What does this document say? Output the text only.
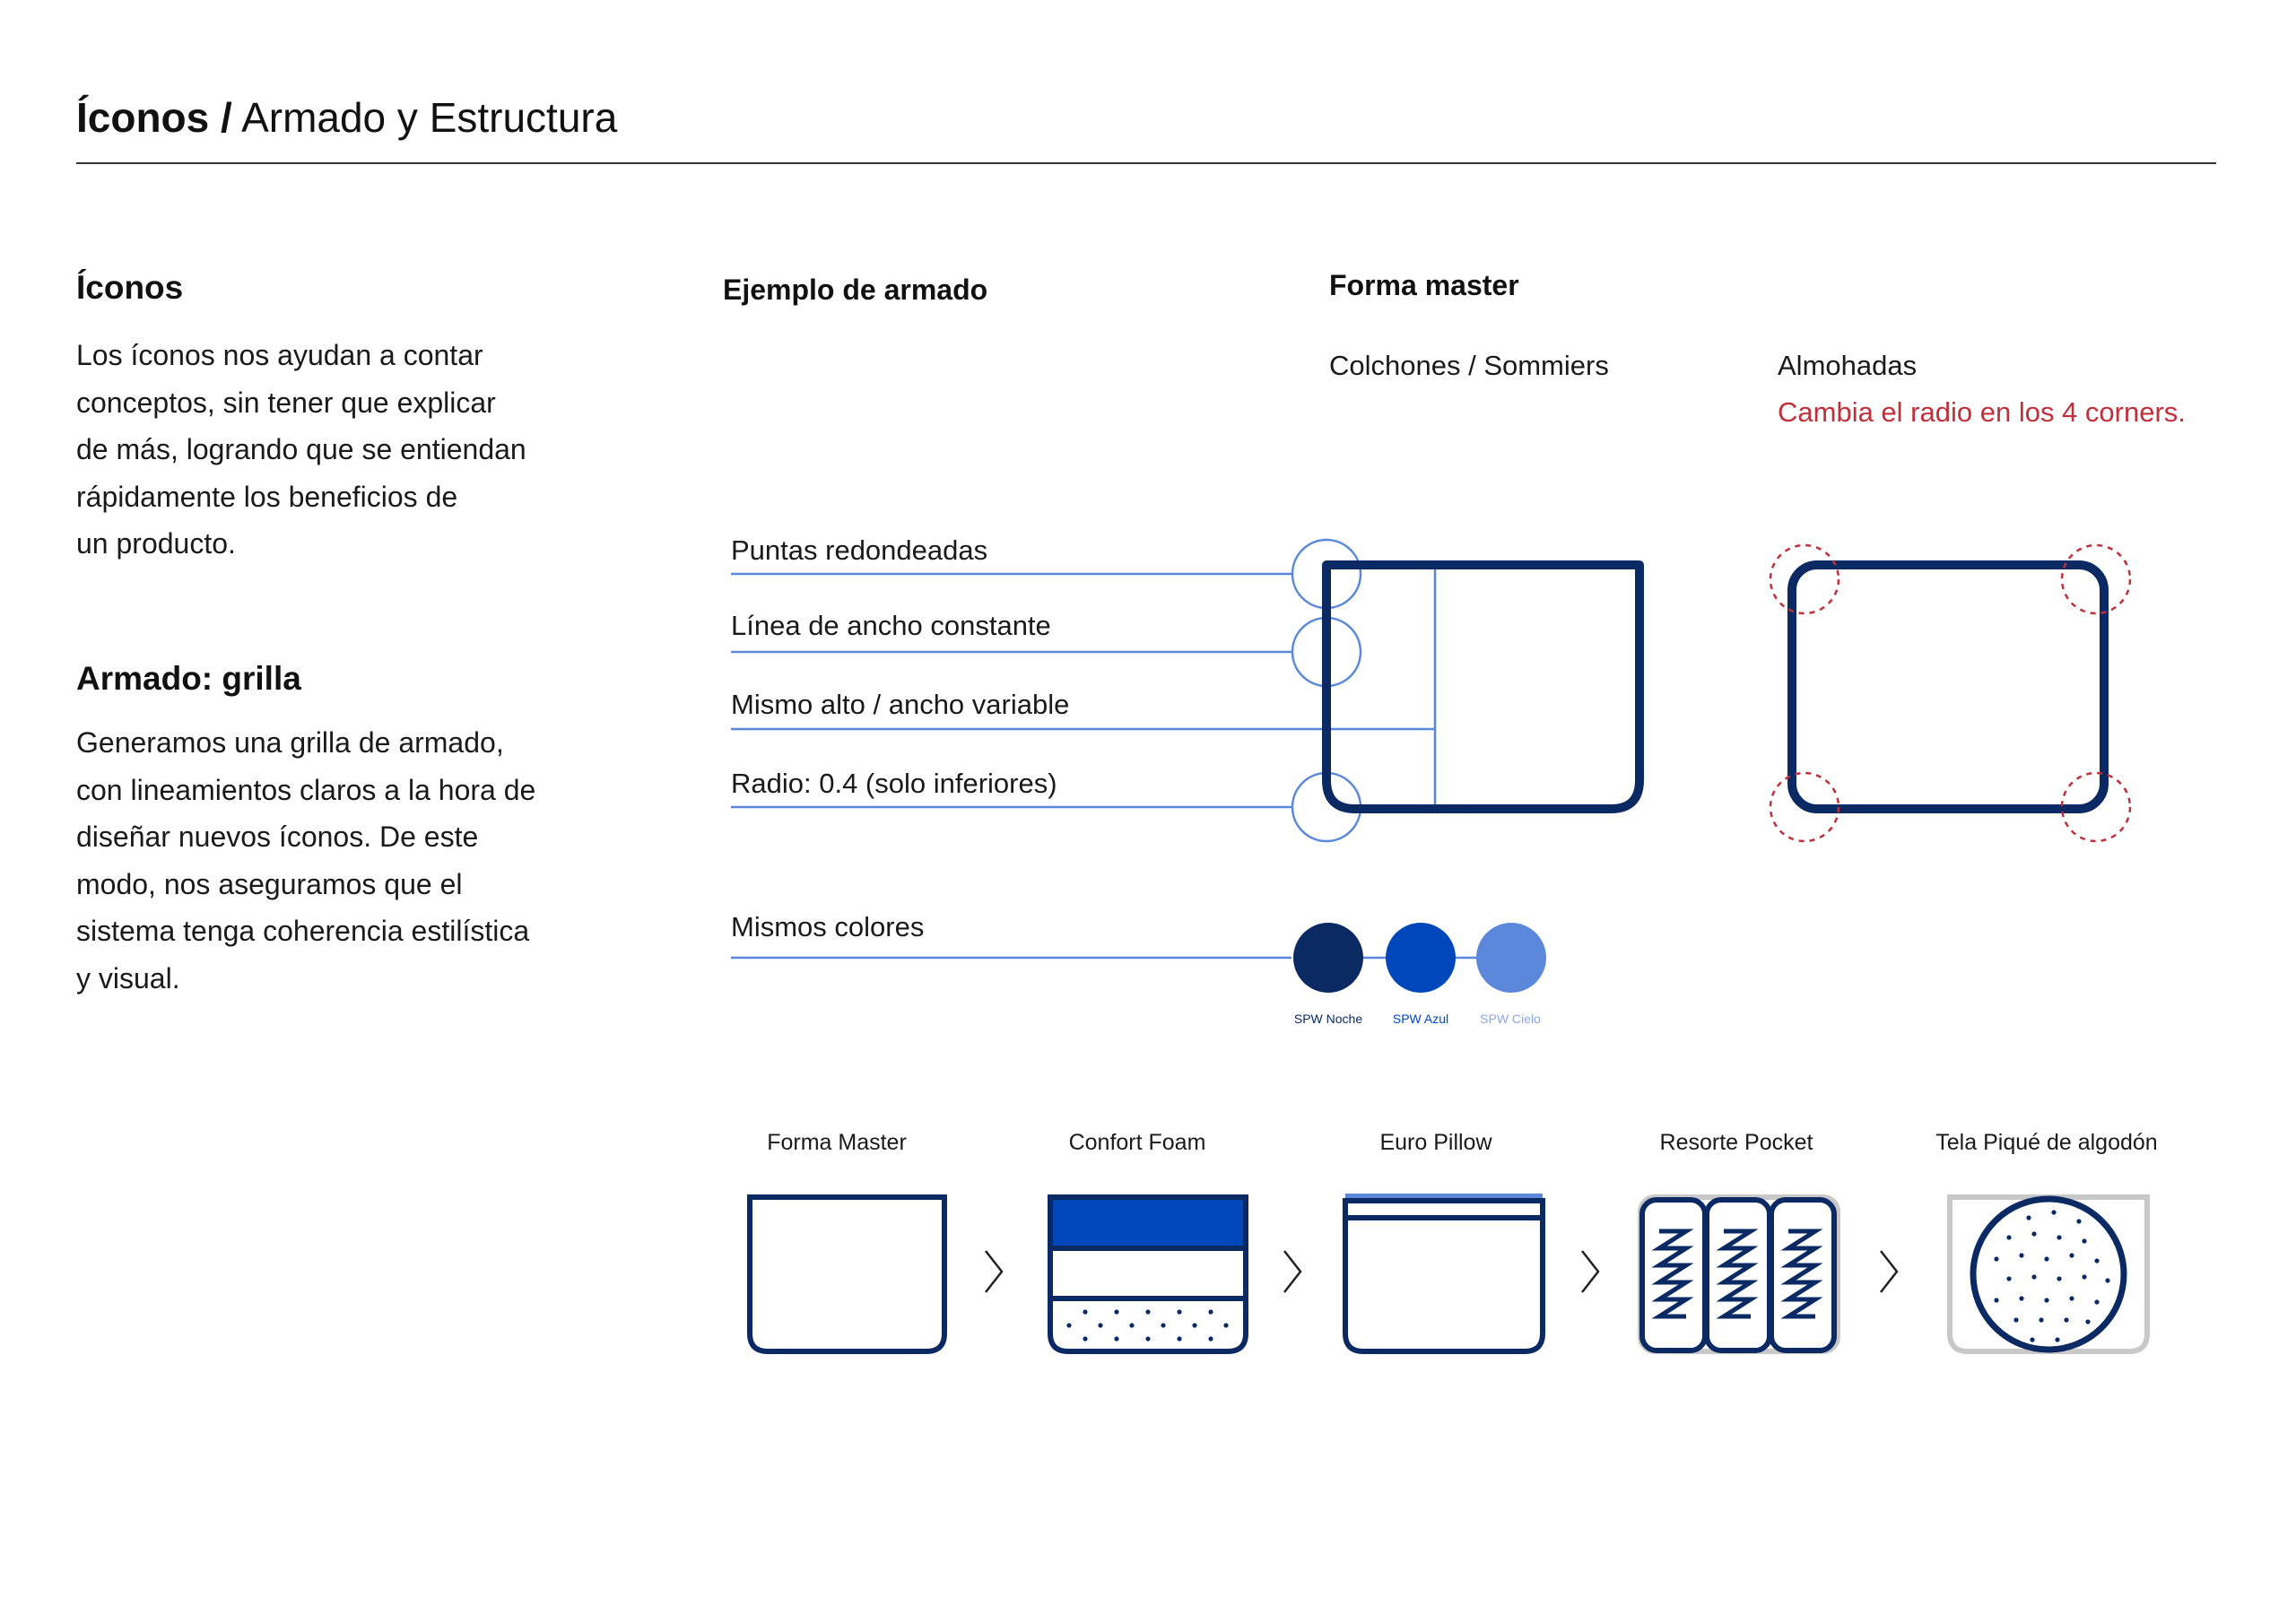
Íconos / Armado y Estructura
Íconos
Los íconos nos ayudan a contar
conceptos, sin tener que explicar
de más, logrando que se entiendan
rápidamente los beneficios de
un producto.
Armado: grilla
Generamos una grilla de armado,
con lineamientos claros a la hora de
diseñar nuevos íconos. De este
modo, nos aseguramos que el
sistema tenga coherencia estilística
y visual.
Ejemplo de armado	Forma master
Colchones / Sommiers	Almohadas
Cambia el radio en los 4 corners.
Puntas redondeadas
Línea de ancho constante
Mismo alto / ancho variable
Radio: 0.4 (solo inferiores)
Mismos colores
SPW Noche	SPW Azul	SPW Cielo
Forma Master	Confort Foam	Euro Pillow	Resorte Pocket	Tela Piqué de algodón
